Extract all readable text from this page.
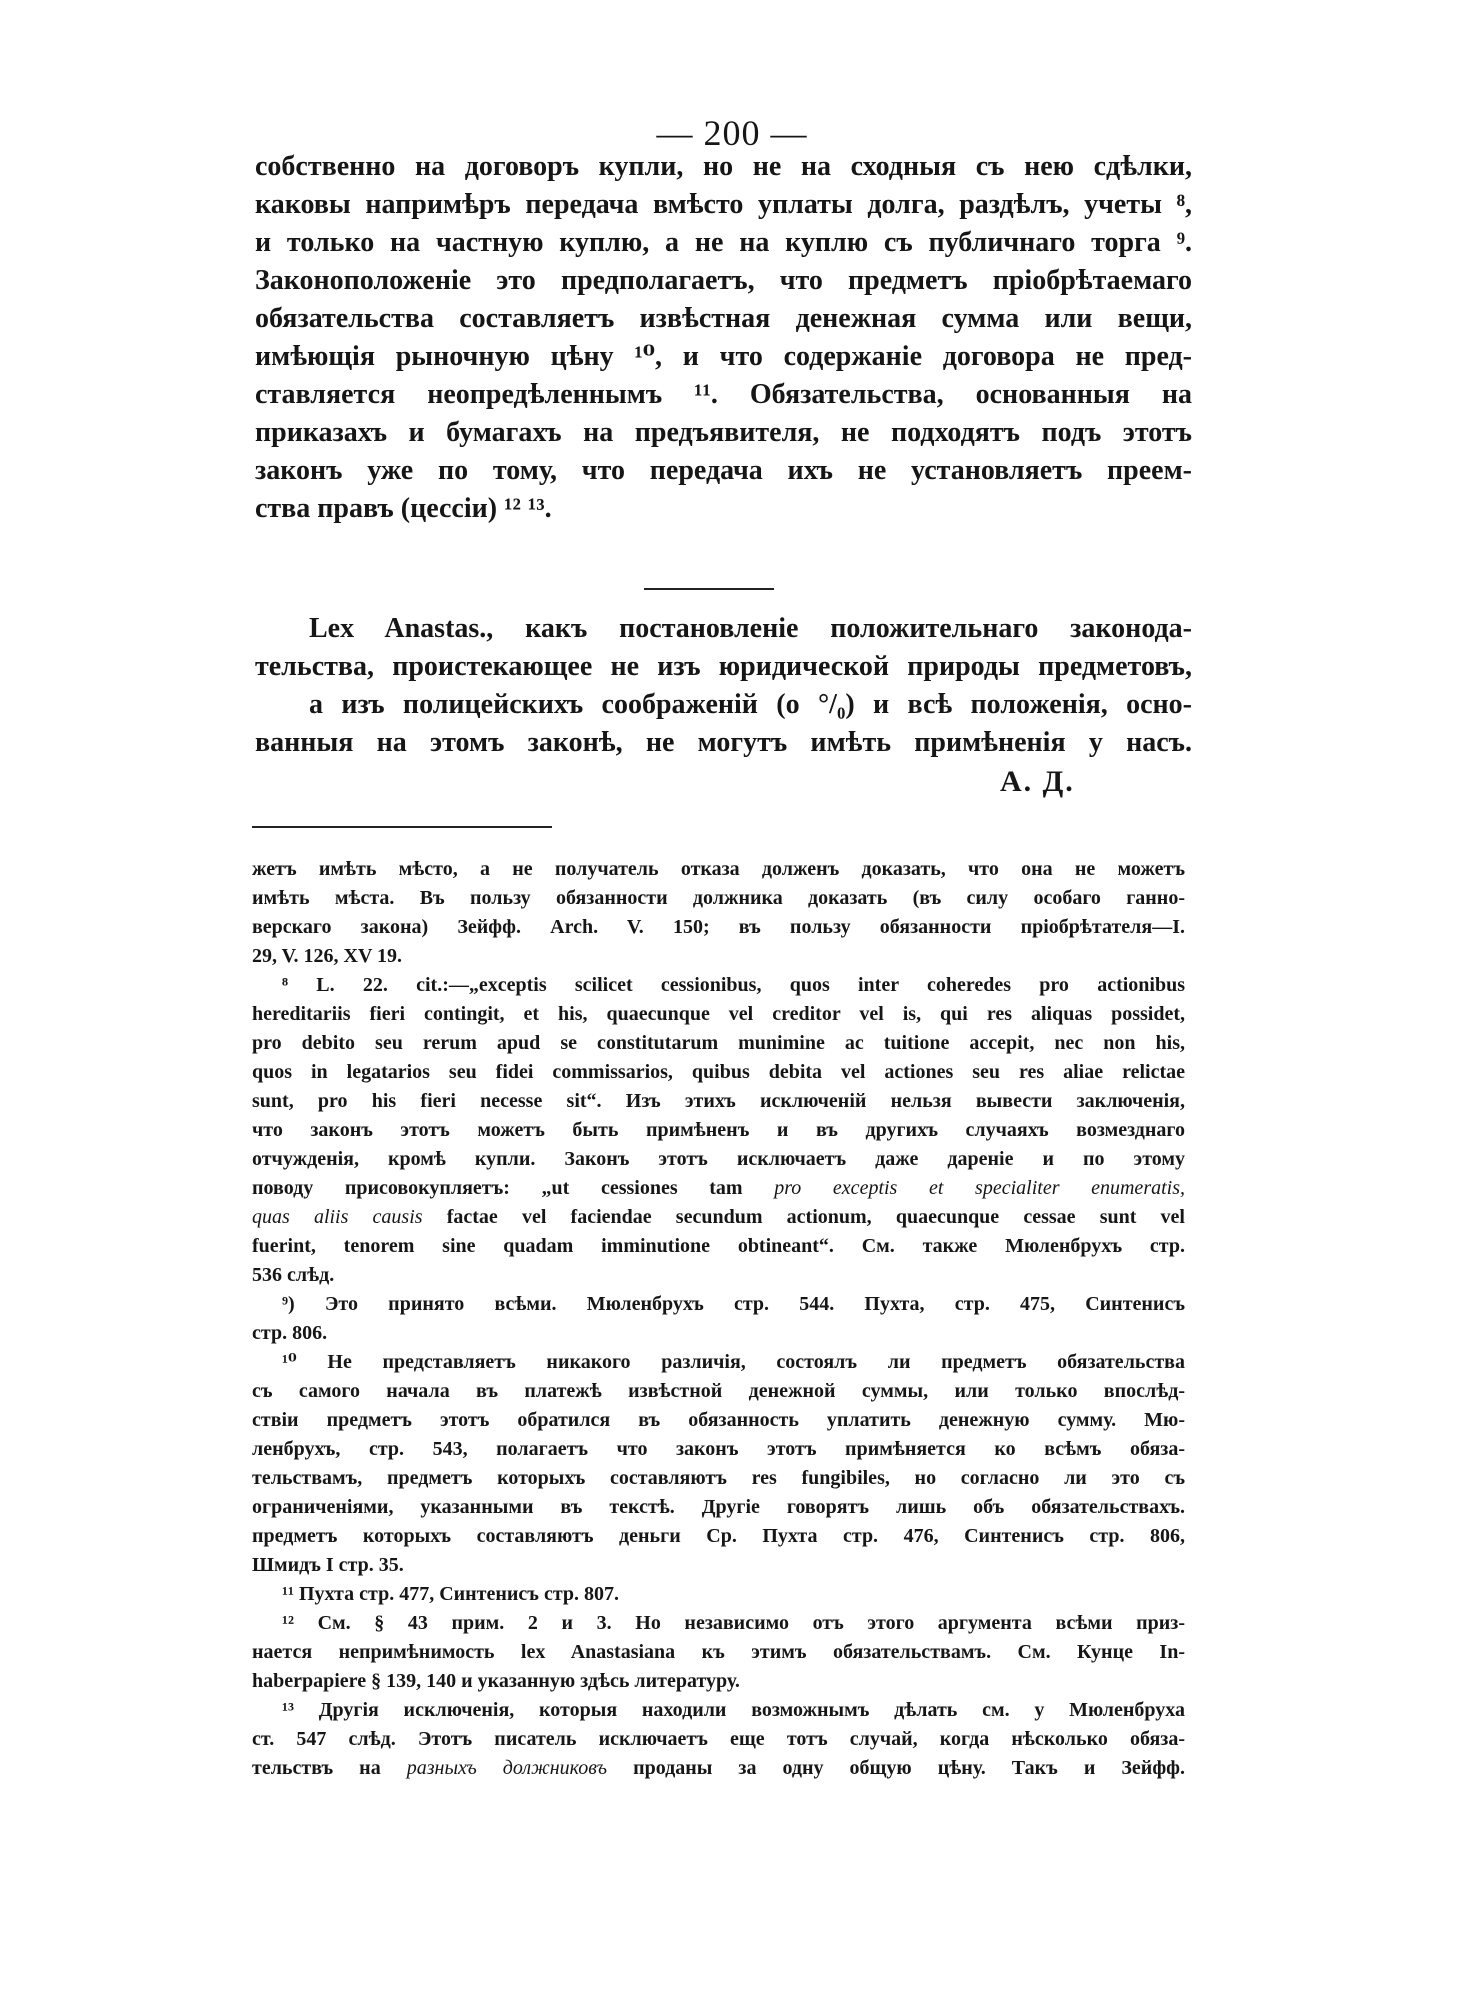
— 200 —
собственно на договоръ купли, но не на сходныя съ нею сдѣлки,
каковы напримѣръ передача вмѣсто уплаты долга, раздѣлъ, учеты ⁸,
и только на частную куплю, а не на куплю съ публичнаго торга ⁹.
Законоположеніе это предполагаетъ, что предметъ пріобрѣтаемаго
обязательства составляетъ извѣстная денежная сумма или вещи,
имѣющія рыночную цѣну ¹⁰, и что содержаніе договора не пред-
ставляется неопредѣленнымъ ¹¹. Обязательства, основанныя на
приказахъ и бумагахъ на предъявителя, не подходятъ подъ этотъ
законъ уже по тому, что передача ихъ не установляетъ преем-
ства правъ (цессіи) ¹² ¹³.
Lex Anastas., какъ постановленіе положительнаго законода-
тельства, проистекающее не изъ юридической природы предметовъ,
а изъ полицейскихъ соображеній (о °/₀) и всѣ положенія, осно-
ванныя на этомъ законѣ, не могутъ имѣть примѣненія у насъ.
А. Д.
жетъ имѣть мѣсто, а не получатель отказа долженъ доказать, что она не можетъ
имѣть мѣста. Въ пользу обязанности должника доказать (въ силу особаго ганно-
верскаго закона) Зейфф. Arch. V. 150; въ пользу обязанности пріобрѣтателя—I.
29, V. 126, XV 19.
⁸ L. 22. cit.:—„exceptis scilicet cessionibus, quos inter coheredes pro actionibus
hereditariis fieri contingit, et his, quaecunque vel creditor vel is, qui res aliquas possidet,
pro debito seu rerum apud se constitutarum munimine ac tuitione accepit, nec non his,
quos in legatarios seu fidei commissarios, quibus debita vel actiones seu res aliae relictae
sunt, pro his fieri necesse sit“. Изъ этихъ исключеній нельзя вывести заключенія,
что законъ этотъ можетъ быть примѣненъ и въ другихъ случаяхъ возмезднаго
отчужденія, кромѣ купли. Законъ этотъ исключаетъ даже дареніе и по этому
поводу присовокупляетъ: „ut cessiones tam pro exceptis et specialiter enumeratis,
quas aliis causis factae vel faciendae secundum actionum, quaecunque cessae sunt vel
fuerint, tenorem sine quadam imminutione obtineant“. См. также Мюленбрухъ стр.
536 слѣд.
⁹) Это принято всѣми. Мюленбрухъ стр. 544. Пухта, стр. 475, Синтенисъ
стр. 806.
¹⁰ Не представляетъ никакого различія, состоялъ ли предметъ обязательства
съ самого начала въ платежѣ извѣстной денежной суммы, или только впослѣд-
ствіи предметъ этотъ обратился въ обязанность уплатить денежную сумму. Мю-
ленбрухъ, стр. 543, полагаетъ что законъ этотъ примѣняется ко всѣмъ обяза-
тельствамъ, предметъ которыхъ составляютъ res fungibiles, но согласно ли это съ
ограниченіями, указанными въ текстѣ. Другіе говорятъ лишь объ обязательствахъ.
предметъ которыхъ составляютъ деньги Ср. Пухта стр. 476, Синтенисъ стр. 806,
Шмидъ I стр. 35.
¹¹ Пухта стр. 477, Синтенисъ стр. 807.
¹² См. § 43 прим. 2 и 3. Но независимо отъ этого аргумента всѣми приз-
нается непримѣнимость lex Anastasiana къ этимъ обязательствамъ. См. Кунце In-
haberpapiere § 139, 140 и указанную здѣсь литературу.
¹³ Другія исключенія, которыя находили возможнымъ дѣлать см. у Мюленбруха
ст. 547 слѣд. Этотъ писатель исключаетъ еще тотъ случай, когда нѣсколько обяза-
тельствъ на разныхъ должниковъ проданы за одну общую цѣну. Такъ и Зейфф.
